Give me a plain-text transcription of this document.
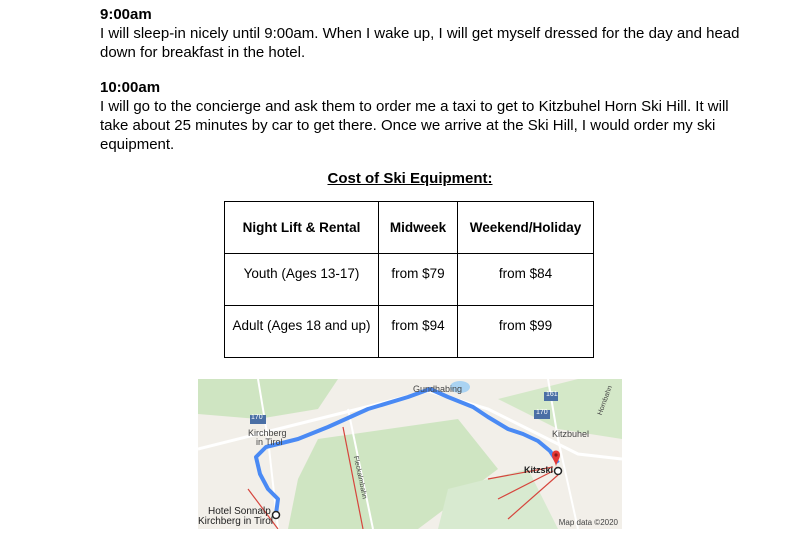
9:00am
I will sleep-in nicely until 9:00am. When I wake up, I will get myself dressed for the day and head down for breakfast in the hotel.
10:00am
I will go to the concierge and ask them to order me a taxi to get to Kitzbuhel Horn Ski Hill. It will take about 25 minutes by car to get there. Once we arrive at the Ski Hill, I would order my ski equipment.
Cost of Ski Equipment:
Night Lift & Rental	Midweek	Weekend/Holiday
Youth (Ages 13-17)	from $79	from $84
Adult (Ages 18 and up)	from $94	from $99
170
170
161
Kirchberg
in Tirol
Gundhabing
Kitzbuhel
Kitzski
Hornbahn
Fleckalmbahn
Hotel Sonnalp
Kirchberg in Tirol	Map data ©2020
